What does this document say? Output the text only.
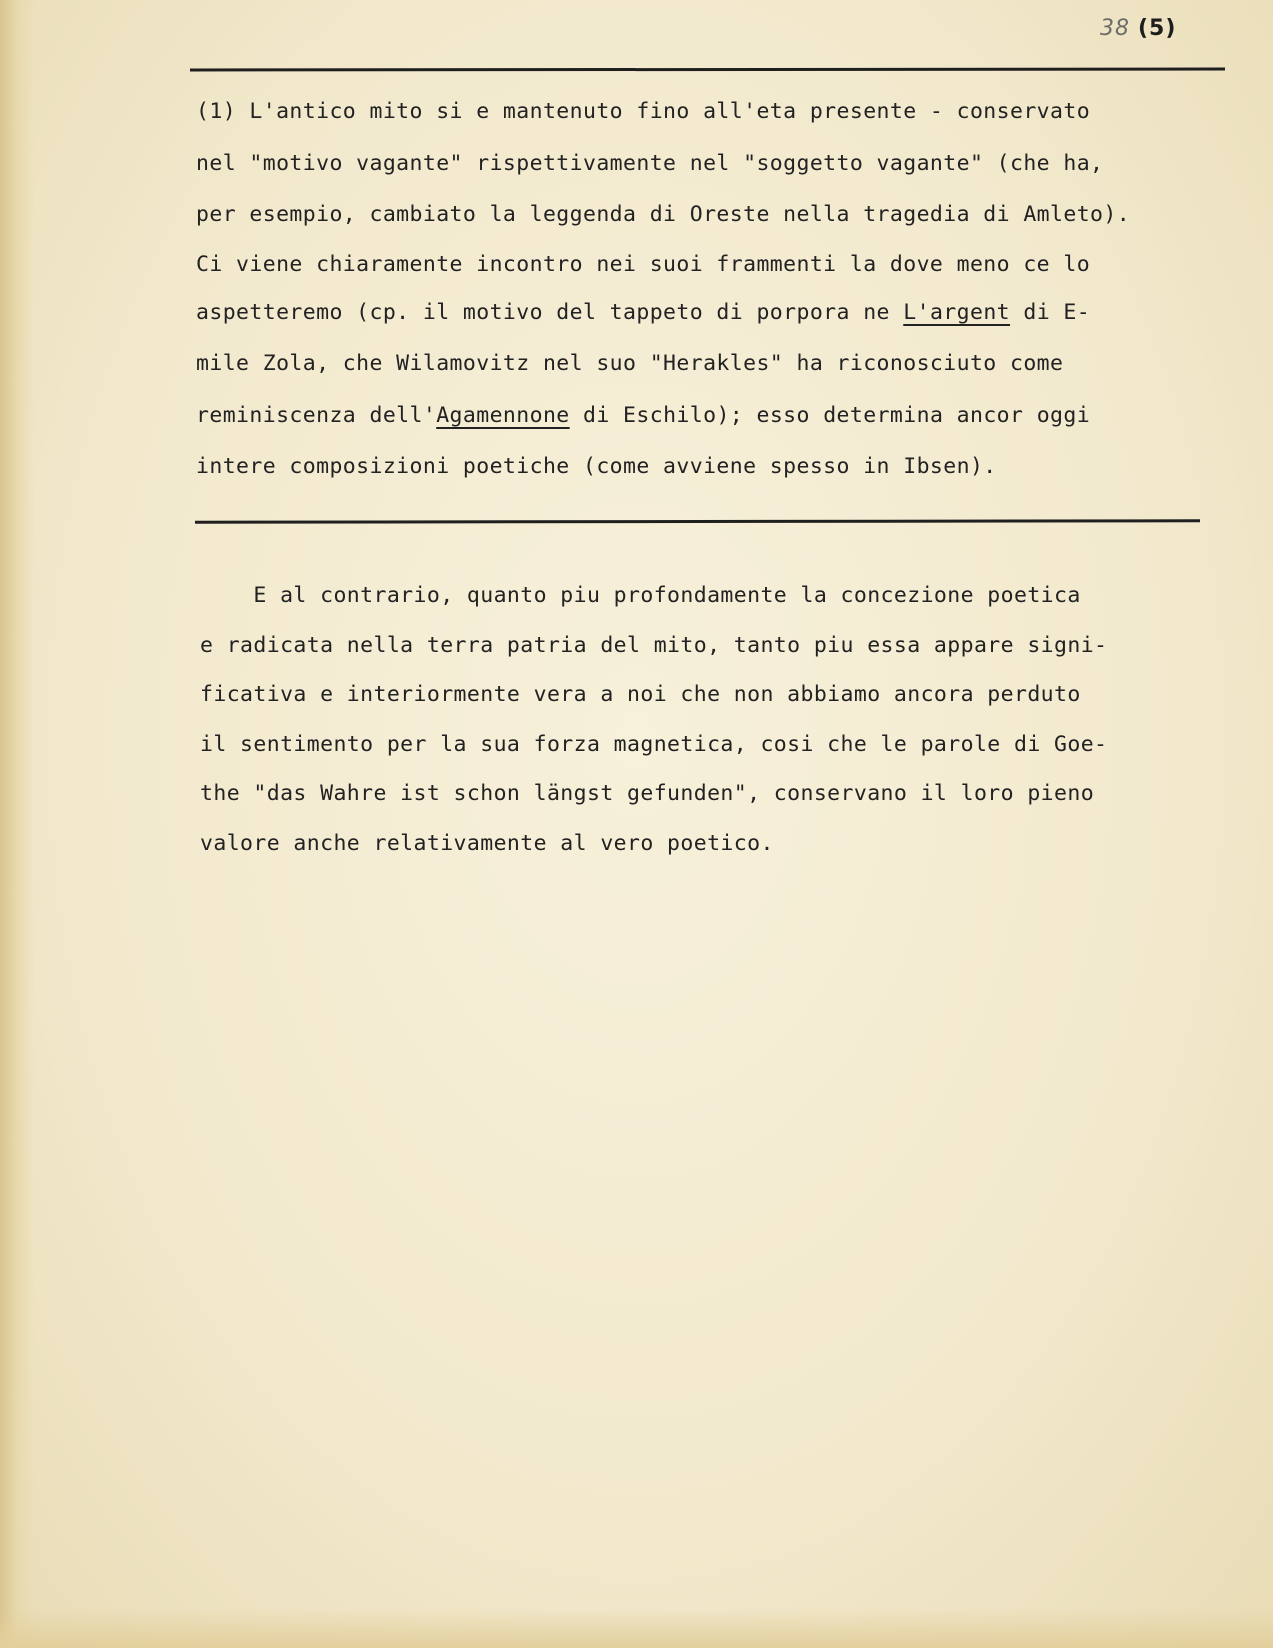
38 (5)
(1) L'antico mito si e mantenuto fino all'eta presente - conservato
nel "motivo vagante" rispettivamente nel "soggetto vagante" (che ha,
per esempio, cambiato la leggenda di Oreste nella tragedia di Amleto).
Ci viene chiaramente incontro nei suoi frammenti la dove meno ce lo
aspetteremo (cp. il motivo del tappeto di porpora ne L'argent di E-
mile Zola, che Wilamovitz nel suo "Herakles" ha riconosciuto come
reminiscenza dell'Agamennone di Eschilo); esso determina ancor oggi
intere composizioni poetiche (come avviene spesso in Ibsen).
E al contrario, quanto piu profondamente la concezione poetica
e radicata nella terra patria del mito, tanto piu essa appare signi-
ficativa e interiormente vera a noi che non abbiamo ancora perduto
il sentimento per la sua forza magnetica, cosi che le parole di Goe-
the "das Wahre ist schon längst gefunden", conservano il loro pieno
valore anche relativamente al vero poetico.
